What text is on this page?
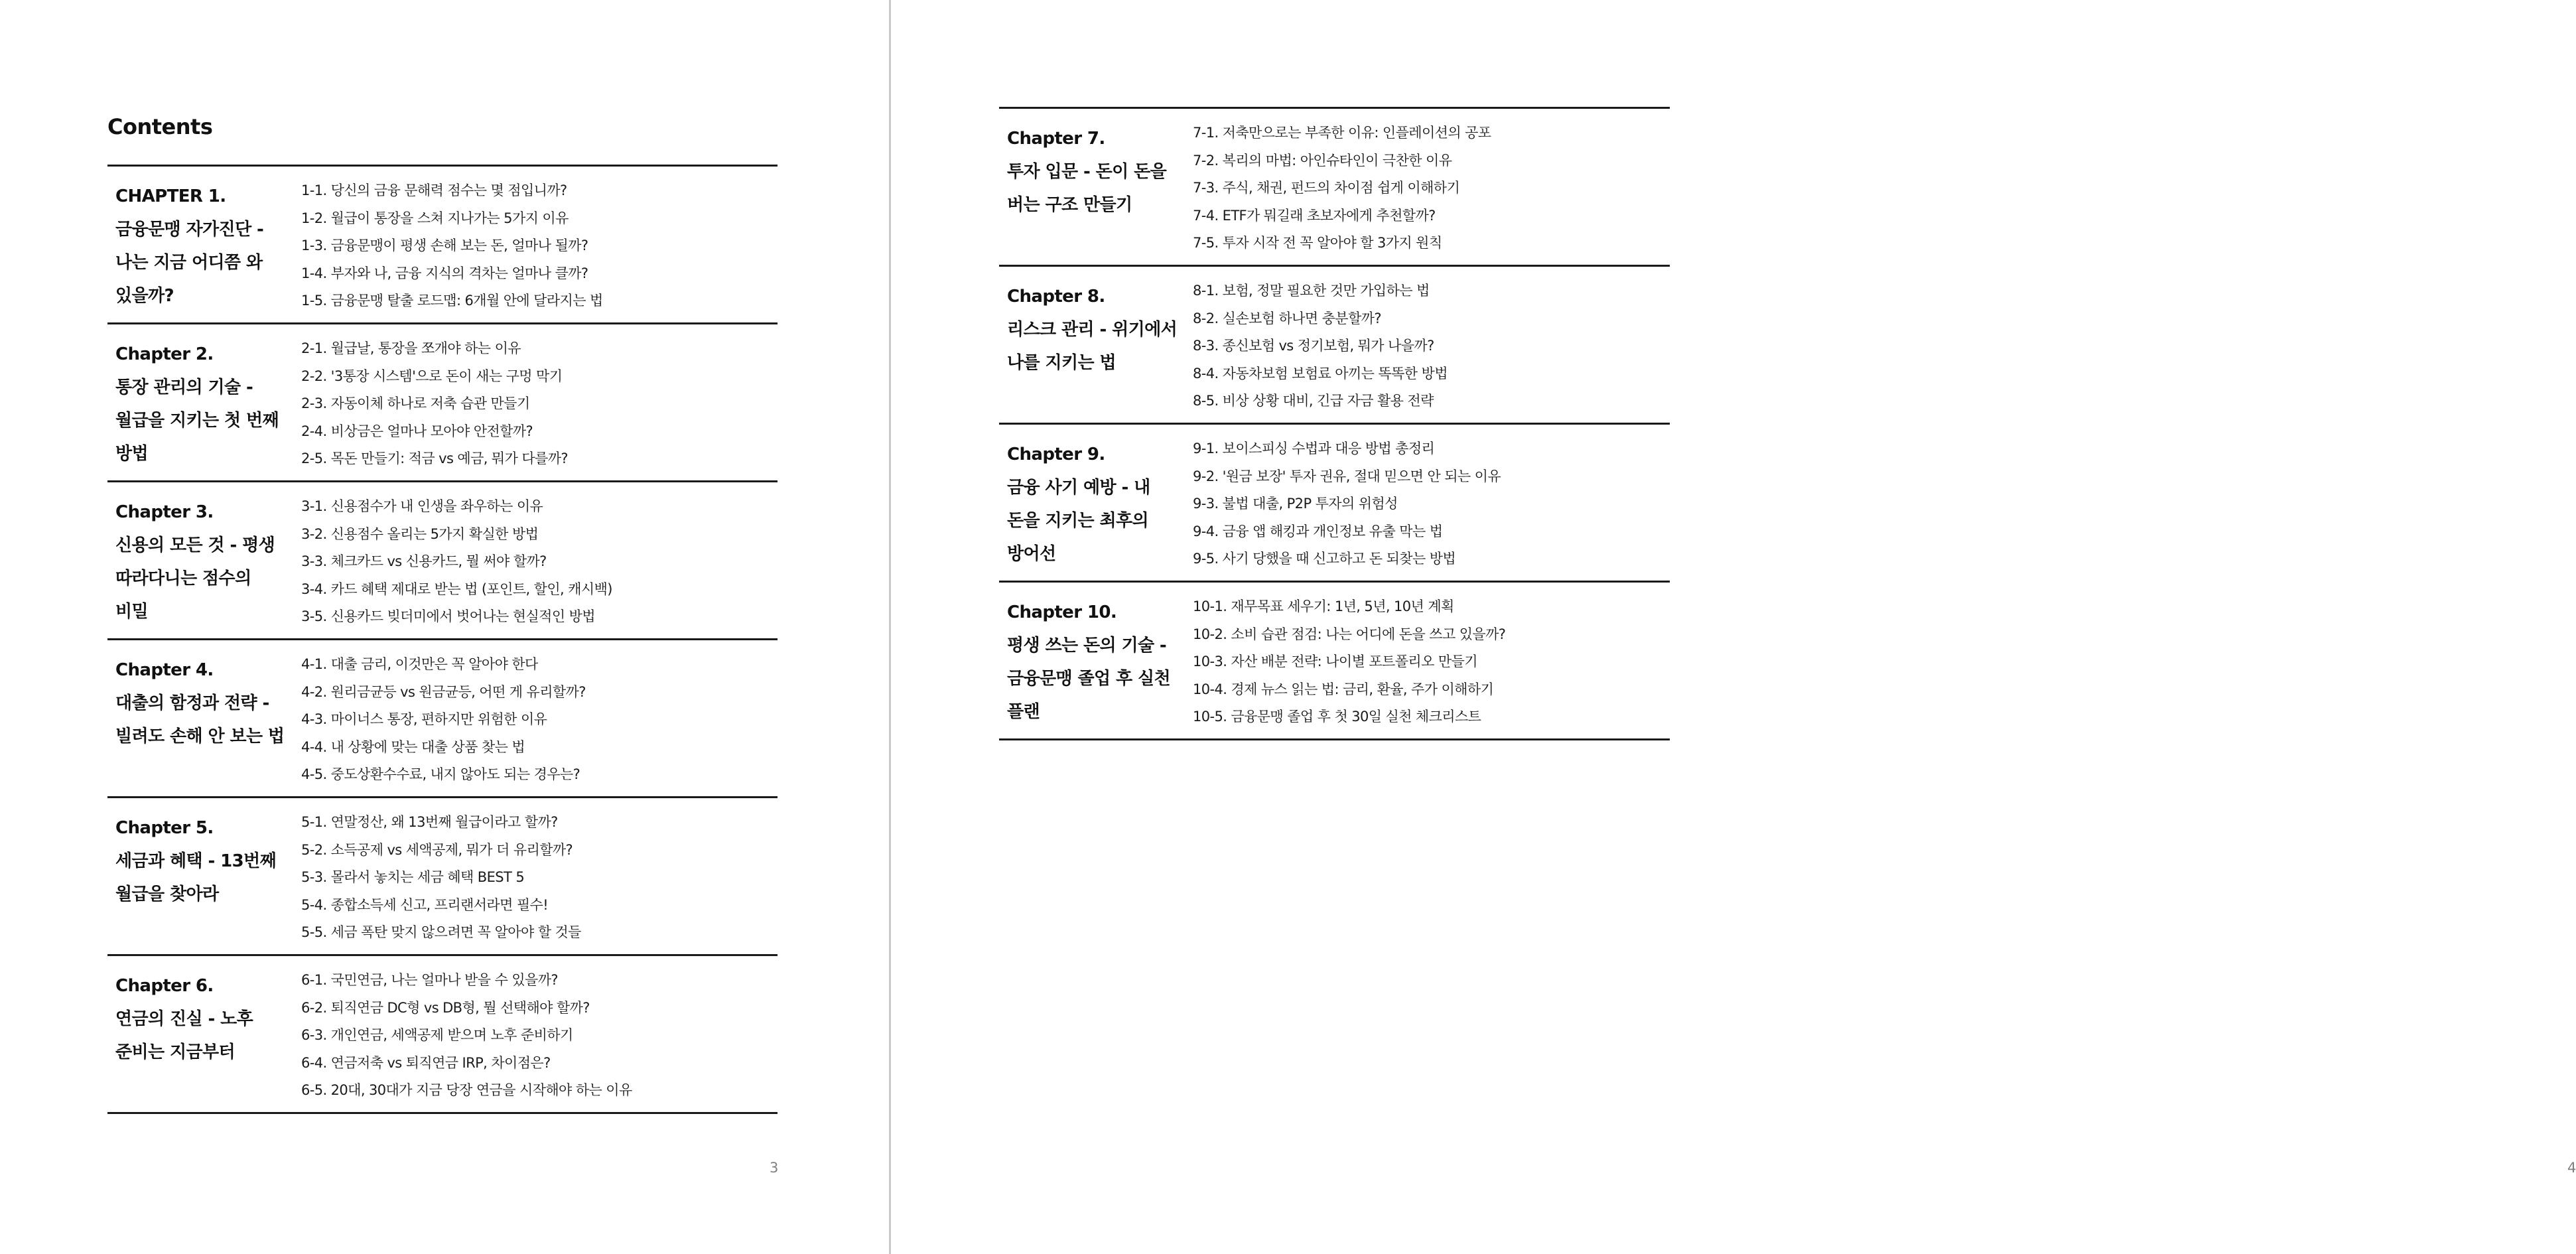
Contents
CHAPTER 1.
금융문맹 자가진단 -
나는 지금 어디쯤 와
있을까?
1-1. 당신의 금융 문해력 점수는 몇 점입니까?
1-2. 월급이 통장을 스쳐 지나가는 5가지 이유
1-3. 금융문맹이 평생 손해 보는 돈, 얼마나 될까?
1-4. 부자와 나, 금융 지식의 격차는 얼마나 클까?
1-5. 금융문맹 탈출 로드맵: 6개월 안에 달라지는 법
Chapter 2.
통장 관리의 기술 -
월급을 지키는 첫 번째
방법
2-1. 월급날, 통장을 쪼개야 하는 이유
2-2. '3통장 시스템'으로 돈이 새는 구멍 막기
2-3. 자동이체 하나로 저축 습관 만들기
2-4. 비상금은 얼마나 모아야 안전할까?
2-5. 목돈 만들기: 적금 vs 예금, 뭐가 다를까?
Chapter 3.
신용의 모든 것 - 평생
따라다니는 점수의
비밀
3-1. 신용점수가 내 인생을 좌우하는 이유
3-2. 신용점수 올리는 5가지 확실한 방법
3-3. 체크카드 vs 신용카드, 뭘 써야 할까?
3-4. 카드 혜택 제대로 받는 법 (포인트, 할인, 캐시백)
3-5. 신용카드 빚더미에서 벗어나는 현실적인 방법
Chapter 4.
대출의 함정과 전략 -
빌려도 손해 안 보는 법
4-1. 대출 금리, 이것만은 꼭 알아야 한다
4-2. 원리금균등 vs 원금균등, 어떤 게 유리할까?
4-3. 마이너스 통장, 편하지만 위험한 이유
4-4. 내 상황에 맞는 대출 상품 찾는 법
4-5. 중도상환수수료, 내지 않아도 되는 경우는?
Chapter 5.
세금과 혜택 - 13번째
월급을 찾아라
5-1. 연말정산, 왜 13번째 월급이라고 할까?
5-2. 소득공제 vs 세액공제, 뭐가 더 유리할까?
5-3. 몰라서 놓치는 세금 혜택 BEST 5
5-4. 종합소득세 신고, 프리랜서라면 필수!
5-5. 세금 폭탄 맞지 않으려면 꼭 알아야 할 것들
Chapter 6.
연금의 진실 - 노후
준비는 지금부터
6-1. 국민연금, 나는 얼마나 받을 수 있을까?
6-2. 퇴직연금 DC형 vs DB형, 뭘 선택해야 할까?
6-3. 개인연금, 세액공제 받으며 노후 준비하기
6-4. 연금저축 vs 퇴직연금 IRP, 차이점은?
6-5. 20대, 30대가 지금 당장 연금을 시작해야 하는 이유
3
Chapter 7.
투자 입문 - 돈이 돈을
버는 구조 만들기
7-1. 저축만으로는 부족한 이유: 인플레이션의 공포
7-2. 복리의 마법: 아인슈타인이 극찬한 이유
7-3. 주식, 채권, 펀드의 차이점 쉽게 이해하기
7-4. ETF가 뭐길래 초보자에게 추천할까?
7-5. 투자 시작 전 꼭 알아야 할 3가지 원칙
Chapter 8.
리스크 관리 - 위기에서
나를 지키는 법
8-1. 보험, 정말 필요한 것만 가입하는 법
8-2. 실손보험 하나면 충분할까?
8-3. 종신보험 vs 정기보험, 뭐가 나을까?
8-4. 자동차보험 보험료 아끼는 똑똑한 방법
8-5. 비상 상황 대비, 긴급 자금 활용 전략
Chapter 9.
금융 사기 예방 - 내
돈을 지키는 최후의
방어선
9-1. 보이스피싱 수법과 대응 방법 총정리
9-2. '원금 보장' 투자 권유, 절대 믿으면 안 되는 이유
9-3. 불법 대출, P2P 투자의 위험성
9-4. 금융 앱 해킹과 개인정보 유출 막는 법
9-5. 사기 당했을 때 신고하고 돈 되찾는 방법
Chapter 10.
평생 쓰는 돈의 기술 -
금융문맹 졸업 후 실천
플랜
10-1. 재무목표 세우기: 1년, 5년, 10년 계획
10-2. 소비 습관 점검: 나는 어디에 돈을 쓰고 있을까?
10-3. 자산 배분 전략: 나이별 포트폴리오 만들기
10-4. 경제 뉴스 읽는 법: 금리, 환율, 주가 이해하기
10-5. 금융문맹 졸업 후 첫 30일 실천 체크리스트
4
